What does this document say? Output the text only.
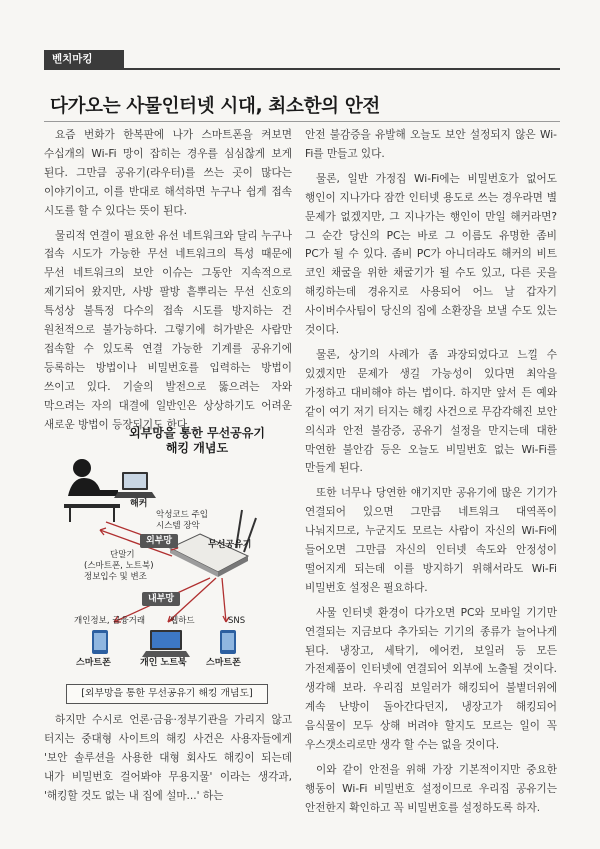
벤치마킹
다가오는 사물인터넷 시대, 최소한의 안전

요즘 번화가 한복판에 나가 스마트폰을 켜보면 수십개의 Wi-Fi 망이 잡히는 경우를 심심찮게 보게 된다. 그만큼 공유기(라우터)를 쓰는 곳이 많다는 이야기이고, 이를 반대로 해석하면 누구나 쉽게 접속 시도를 할 수 있다는 뜻이 된다.

물리적 연결이 필요한 유선 네트워크와 달리 누구나 접속 시도가 가능한 무선 네트워크의 특성 때문에 무선 네트워크의 보안 이슈는 그동안 지속적으로 제기되어 왔지만, 사방 팔방 흩뿌리는 무선 신호의 특성상 불특정 다수의 접속 시도를 방지하는 건 원천적으로 불가능하다. 그렇기에 허가받은 사람만 접속할 수 있도록 연결 가능한 기계를 공유기에 등록하는 방법이나 비밀번호를 입력하는 방법이 쓰이고 있다. 기술의 발전으로 뚫으려는 자와 막으려는 자의 대결에 일반인은 상상하기도 어려운 새로운 방법이 등장되기도 한다.

외부망을 통한 무선공유기
해킹 개념도
해커
악성코드 주입
시스템 장악
외부망	무선공유기
단말기
(스마트폰, 노트북)
정보입수 및 변조
내부망
개인정보, 금융거래	웹하드	SNS
스마트폰	개인 노트북 스마트폰
[외부망을 통한 무선공유기 해킹 개념도]

하지만 수시로 언론·금융·정부기관을 가리지 않고 터지는 중대형 사이트의 해킹 사건은 사용자들에게 '보안 솔루션을 사용한 대형 회사도 해킹이 되는데 내가 비밀번호 걸어봐야 무용지물' 이라는 생각과, '해킹할 것도 없는 내 집에 설마...' 하는

안전 불감증을 유발해 오늘도 보안 설정되지 않은 Wi-Fi를 만들고 있다.

물론, 일반 가정집 Wi-Fi에는 비밀번호가 없어도 행인이 지나가다 잠깐 인터넷 용도로 쓰는 경우라면 별 문제가 없겠지만, 그 지나가는 행인이 만일 해커라면? 그 순간 당신의 PC는 바로 그 이름도 유명한 좀비 PC가 될 수 있다. 좀비 PC가 아니더라도 해커의 비트 코인 채굴을 위한 채굴기가 될 수도 있고, 다른 곳을 해킹하는데 경유지로 사용되어 어느 날 갑자기 사이버수사팀이 당신의 집에 소환장을 보낼 수도 있는 것이다.

물론, 상기의 사례가 좀 과장되었다고 느낄 수 있겠지만 문제가 생길 가능성이 있다면 최악을 가정하고 대비해야 하는 법이다. 하지만 앞서 든 예와 같이 여기 저기 터지는 해킹 사건으로 무감각해진 보안 의식과 안전 불감증, 공유기 설정을 만지는데 대한 막연한 불안감 등은 오늘도 비밀번호 없는 Wi-Fi를 만들게 된다.

또한 너무나 당연한 얘기지만 공유기에 많은 기기가 연결되어 있으면 그만큼 네트워크 대역폭이 나눠지므로, 누군지도 모르는 사람이 자신의 Wi-Fi에 들어오면 그만큼 자신의 인터넷 속도와 안정성이 떨어지게 되는데 이를 방지하기 위해서라도 Wi-Fi 비밀번호 설정은 필요하다.

사물 인터넷 환경이 다가오면 PC와 모바일 기기만 연결되는 지금보다 추가되는 기기의 종류가 늘어나게 된다. 냉장고, 세탁기, 에어컨, 보일러 등 모든 가전제품이 인터넷에 연결되어 외부에 노출될 것이다. 생각해 보라. 우리집 보일러가 해킹되어 불볕더위에 계속 난방이 돌아간다던지, 냉장고가 해킹되어 음식물이 모두 상해 버려야 할지도 모르는 일이 꼭 우스갯소리로만 생각 할 수는 없을 것이다.

이와 같이 안전을 위해 가장 기본적이지만 중요한 행동이 Wi-Fi 비밀번호 설정이므로 우리집 공유기는 안전한지 확인하고 꼭 비밀번호를 설정하도록 하자.
